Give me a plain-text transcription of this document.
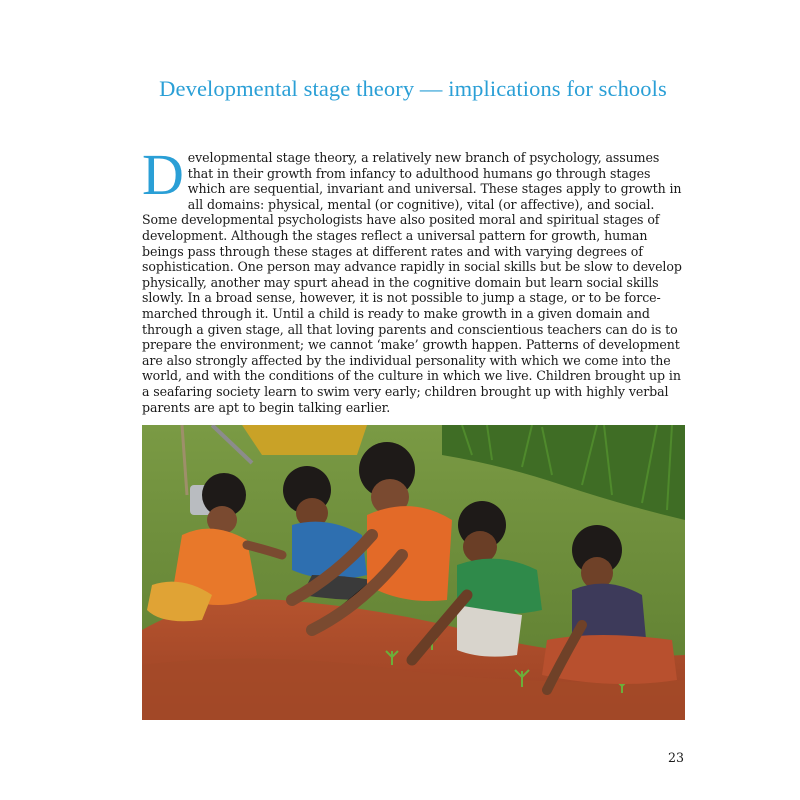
Developmental stage theory — implications for schools

Developmental stage theory, a relatively new branch of psychology, assumes that in their growth from infancy to adulthood humans go through stages which are sequential, invariant and universal. These stages apply to growth in all domains: physical, mental (or cognitive), vital (or affective), and social. Some developmental psychologists have also posited moral and spiritual stages of development. Although the stages reflect a universal pattern for growth, human beings pass through these stages at different rates and with varying degrees of sophistication. One person may advance rapidly in social skills but be slow to develop physically, another may spurt ahead in the cognitive domain but learn social skills slowly. In a broad sense, however, it is not possible to jump a stage, or to be force-marched through it. Until a child is ready to make growth in a given domain and through a given stage, all that loving parents and conscientious teachers can do is to prepare the environment; we cannot ‘make’ growth happen. Patterns of development are also strongly affected by the individual personality with which we come into the world, and with the conditions of the culture in which we live. Children brought up in a seafaring society learn to swim very early; children brought up with highly verbal parents are apt to begin talking earlier.

23
